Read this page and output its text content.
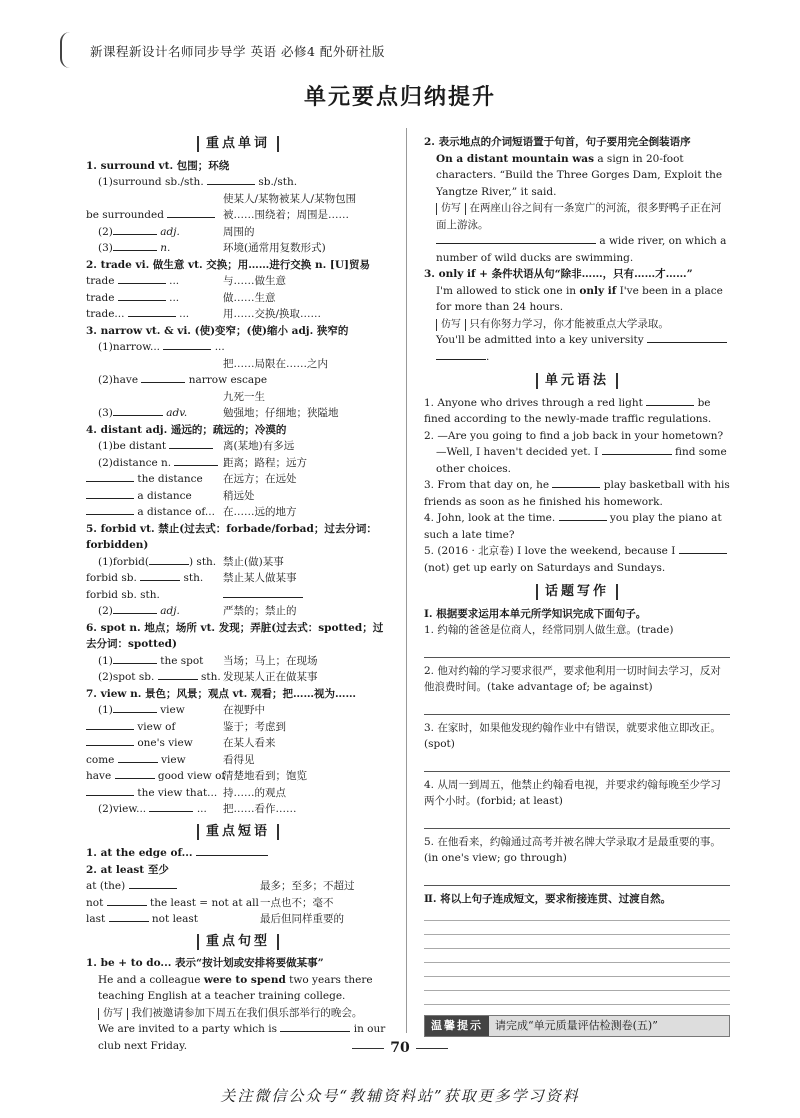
新课程新设计名师同步导学 英语 必修4 配外研社版
单元要点归纳提升
重点单词
1. surround vt. 包围；环绕
(1)surround sb./sth.	sb./sth.
使某人/某物被某人/某物包围
be surrounded	被……围绕着；周围是……
(2)	adj.	周围的
(3)	n.	环境(通常用复数形式)
2. trade vi. 做生意 vt. 交换；用……进行交换 n. [U]贸易
trade	...	与……做生意
trade	...	做……生意
trade...	...	用……交换/换取……
3. narrow vt. & vi. (使)变窄；(使)缩小 adj. 狭窄的
(1)narrow...	...
把……局限在……之内
(2)have	narrow escape
九死一生
(3)	adv.	勉强地；仔细地；狭隘地
4. distant adj. 遥远的；疏远的；冷漠的
(1)be distant	离(某地)有多远
(2)distance n.	距离；路程；远方
the distance 在远方；在远处
a distance	稍远处
a distance of... 在……远的地方
5. forbid vt. 禁止(过去式：forbade/forbad；过去分词：forbidden)
(1)forbid(	) sth. 禁止(做)某事
forbid sb.	sth. 禁止某人做某事
forbid sb. sth.
(2)	adj.	严禁的；禁止的
6. spot n. 地点；场所 vt. 发现；弄脏(过去式：spotted；过去分词：spotted)
(1)	the spot 当场；马上；在现场
(2)spot sb.	sth. 发现某人正在做某事
7. view n. 景色；风景；观点 vt. 观看；把……视为……
(1)	view	在视野中
view of	鉴于；考虑到
one's view	在某人看来
come	view	看得见
have	good view of
清楚地看到；饱览
the view that... 持……的观点
(2)view...	... 把……看作……
重点短语
1. at the edge of...
2. at least 至少
at (the)	最多；至多；不超过
not	the least = not at all 一点也不；毫不
last	not least	最后但同样重要的
重点句型
1. be + to do... 表示“按计划或安排将要做某事”
He and a colleague were to spend two years there teaching English at a teacher training college.
仿写 我们被邀请参加下周五在我们俱乐部举行的晚会。
We are invited to a party which is	in our club next Friday.
2. 表示地点的介词短语置于句首，句子要用完全倒装语序
On a distant mountain was a sign in 20-foot characters. “Build the Three Gorges Dam, Exploit the Yangtze River,” it said.
仿写 在两座山谷之间有一条宽广的河流，很多野鸭子正在河面上游泳。
a wide river, on which a number of wild ducks are swimming.
3. only if + 条件状语从句“除非……，只有……才……”
I'm allowed to stick one in only if I've been in a place for more than 24 hours.
仿写 只有你努力学习，你才能被重点大学录取。
You'll be admitted into a key university  .
单元语法
1. Anyone who drives through a red light	be fined according to the newly-made traffic regulations.
2. —Are you going to find a job back in your hometown?
—Well, I haven't decided yet. I	find some other choices.
3. From that day on, he	play basketball with his friends as soon as he finished his homework.
4. John, look at the time.	you play the piano at such a late time?
5. (2016 · 北京卷) I love the weekend, because I  (not) get up early on Saturdays and Sundays.
话题写作
Ⅰ. 根据要求运用本单元所学知识完成下面句子。
1. 约翰的爸爸是位商人，经常同别人做生意。(trade)
2. 他对约翰的学习要求很严，要求他利用一切时间去学习，反对他浪费时间。(take advantage of; be against)
3. 在家时，如果他发现约翰作业中有错误，就要求他立即改正。(spot)
4. 从周一到周五，他禁止约翰看电视，并要求约翰每晚至少学习两个小时。(forbid; at least)
5. 在他看来，约翰通过高考并被名牌大学录取才是最重要的事。(in one's view; go through)
Ⅱ. 将以上句子连成短文，要求衔接连贯、过渡自然。
温馨提示	请完成“单元质量评估检测卷(五)”
70
关注微信公众号“教辅资料站”获取更多学习资料
